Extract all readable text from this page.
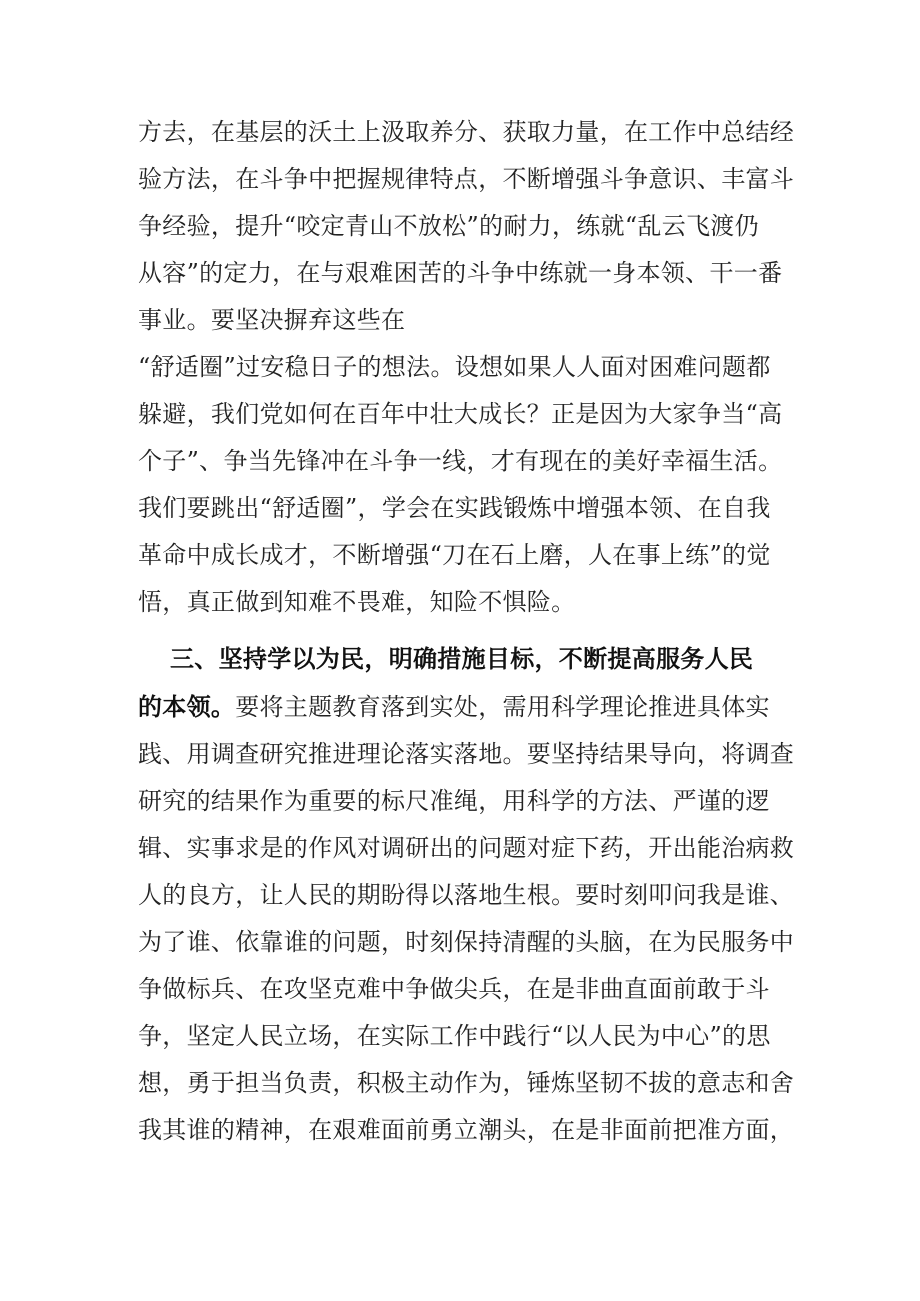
方去，在基层的沃土上汲取养分、获取力量，在工作中总结经
验方法，在斗争中把握规律特点，不断增强斗争意识、丰富斗
争经验，提升“咬定青山不放松”的耐力，练就“乱云飞渡仍
从容”的定力，在与艰难困苦的斗争中练就一身本领、干一番
事业。要坚决摒弃这些在
“舒适圈”过安稳日子的想法。设想如果人人面对困难问题都
躲避，我们党如何在百年中壮大成长？正是因为大家争当“高
个子”、争当先锋冲在斗争一线，才有现在的美好幸福生活。
我们要跳出“舒适圈”，学会在实践锻炼中增强本领、在自我
革命中成长成才，不断增强“刀在石上磨，人在事上练”的觉
悟，真正做到知难不畏难，知险不惧险。
三、坚持学以为民，明确措施目标，不断提高服务人民
的本领。要将主题教育落到实处，需用科学理论推进具体实
践、用调查研究推进理论落实落地。要坚持结果导向，将调查
研究的结果作为重要的标尺准绳，用科学的方法、严谨的逻
辑、实事求是的作风对调研出的问题对症下药，开出能治病救
人的良方，让人民的期盼得以落地生根。要时刻叩问我是谁、
为了谁、依靠谁的问题，时刻保持清醒的头脑，在为民服务中
争做标兵、在攻坚克难中争做尖兵，在是非曲直面前敢于斗
争，坚定人民立场，在实际工作中践行“以人民为中心”的思
想，勇于担当负责，积极主动作为，锤炼坚韧不拔的意志和舍
我其谁的精神，在艰难面前勇立潮头，在是非面前把准方面，
